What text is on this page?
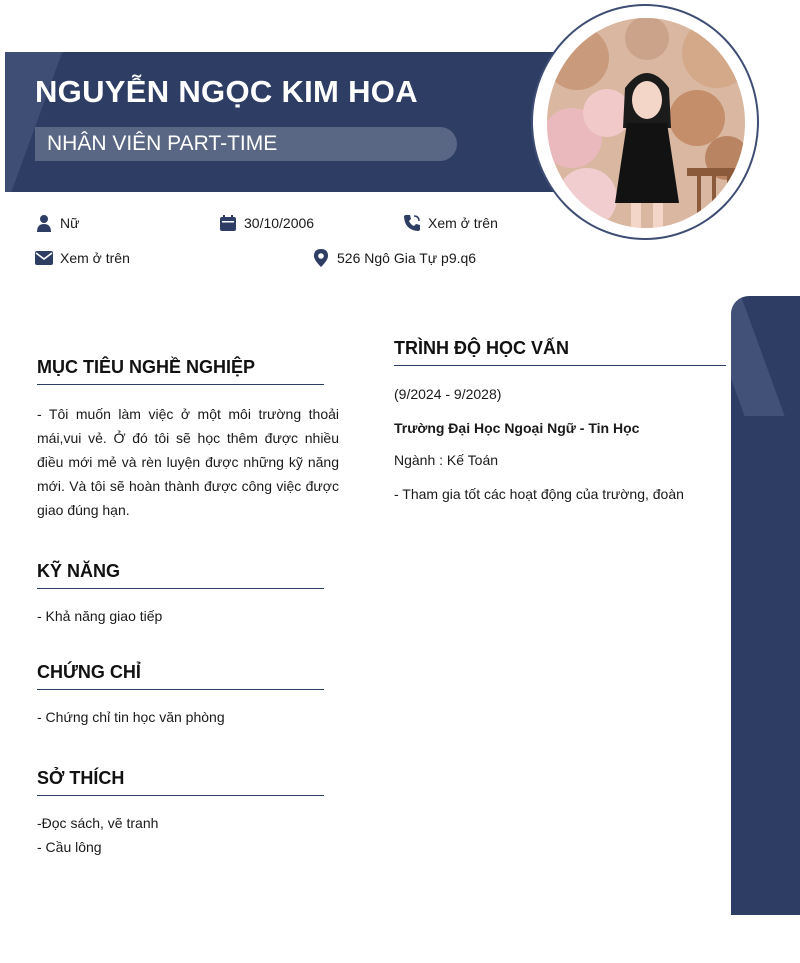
NGUYỄN NGỌC KIM HOA
NHÂN VIÊN PART-TIME
Nữ	30/10/2006	Xem ở trên
Xem ở trên	526 Ngô Gia Tự p9.q6
MỤC TIÊU NGHỀ NGHIỆP
- Tôi muốn làm việc ở một môi trường thoải mái,vui vẻ. Ở đó tôi sẽ học thêm được nhiều điều mới mẻ và rèn luyện được những kỹ năng mới. Và tôi sẽ hoàn thành được công việc được giao đúng hạn.
KỸ NĂNG
- Khả năng giao tiếp
CHỨNG CHỈ
- Chứng chỉ tin học văn phòng
SỞ THÍCH
-Đọc sách, vẽ tranh
- Cầu lông
TRÌNH ĐỘ HỌC VẤN
(9/2024 - 9/2028)
Trường Đại Học Ngoại Ngữ - Tin Học
Ngành : Kế Toán
- Tham gia tốt các hoạt động của trường, đoàn
